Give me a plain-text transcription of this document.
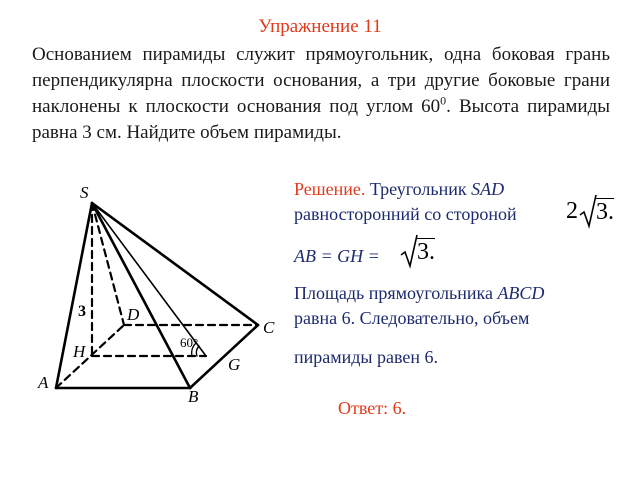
Упражнение 11
Основанием пирамиды служит прямоугольник, одна боковая грань перпендикулярна плоскости основания, а три другие боковые грани наклонены к плоскости основания под углом $60^0$. Высота пирамиды равна 3 см. Найдите объем пирамиды.
S
A
B
C
D
H
G
3
60°
Решение. Треугольник SAD
равносторонний со стороной 2 3.
AB = GH = 3.
Площадь прямоугольника ABCD
равна 6. Следовательно, объем
пирамиды равен 6.
Ответ: 6.
